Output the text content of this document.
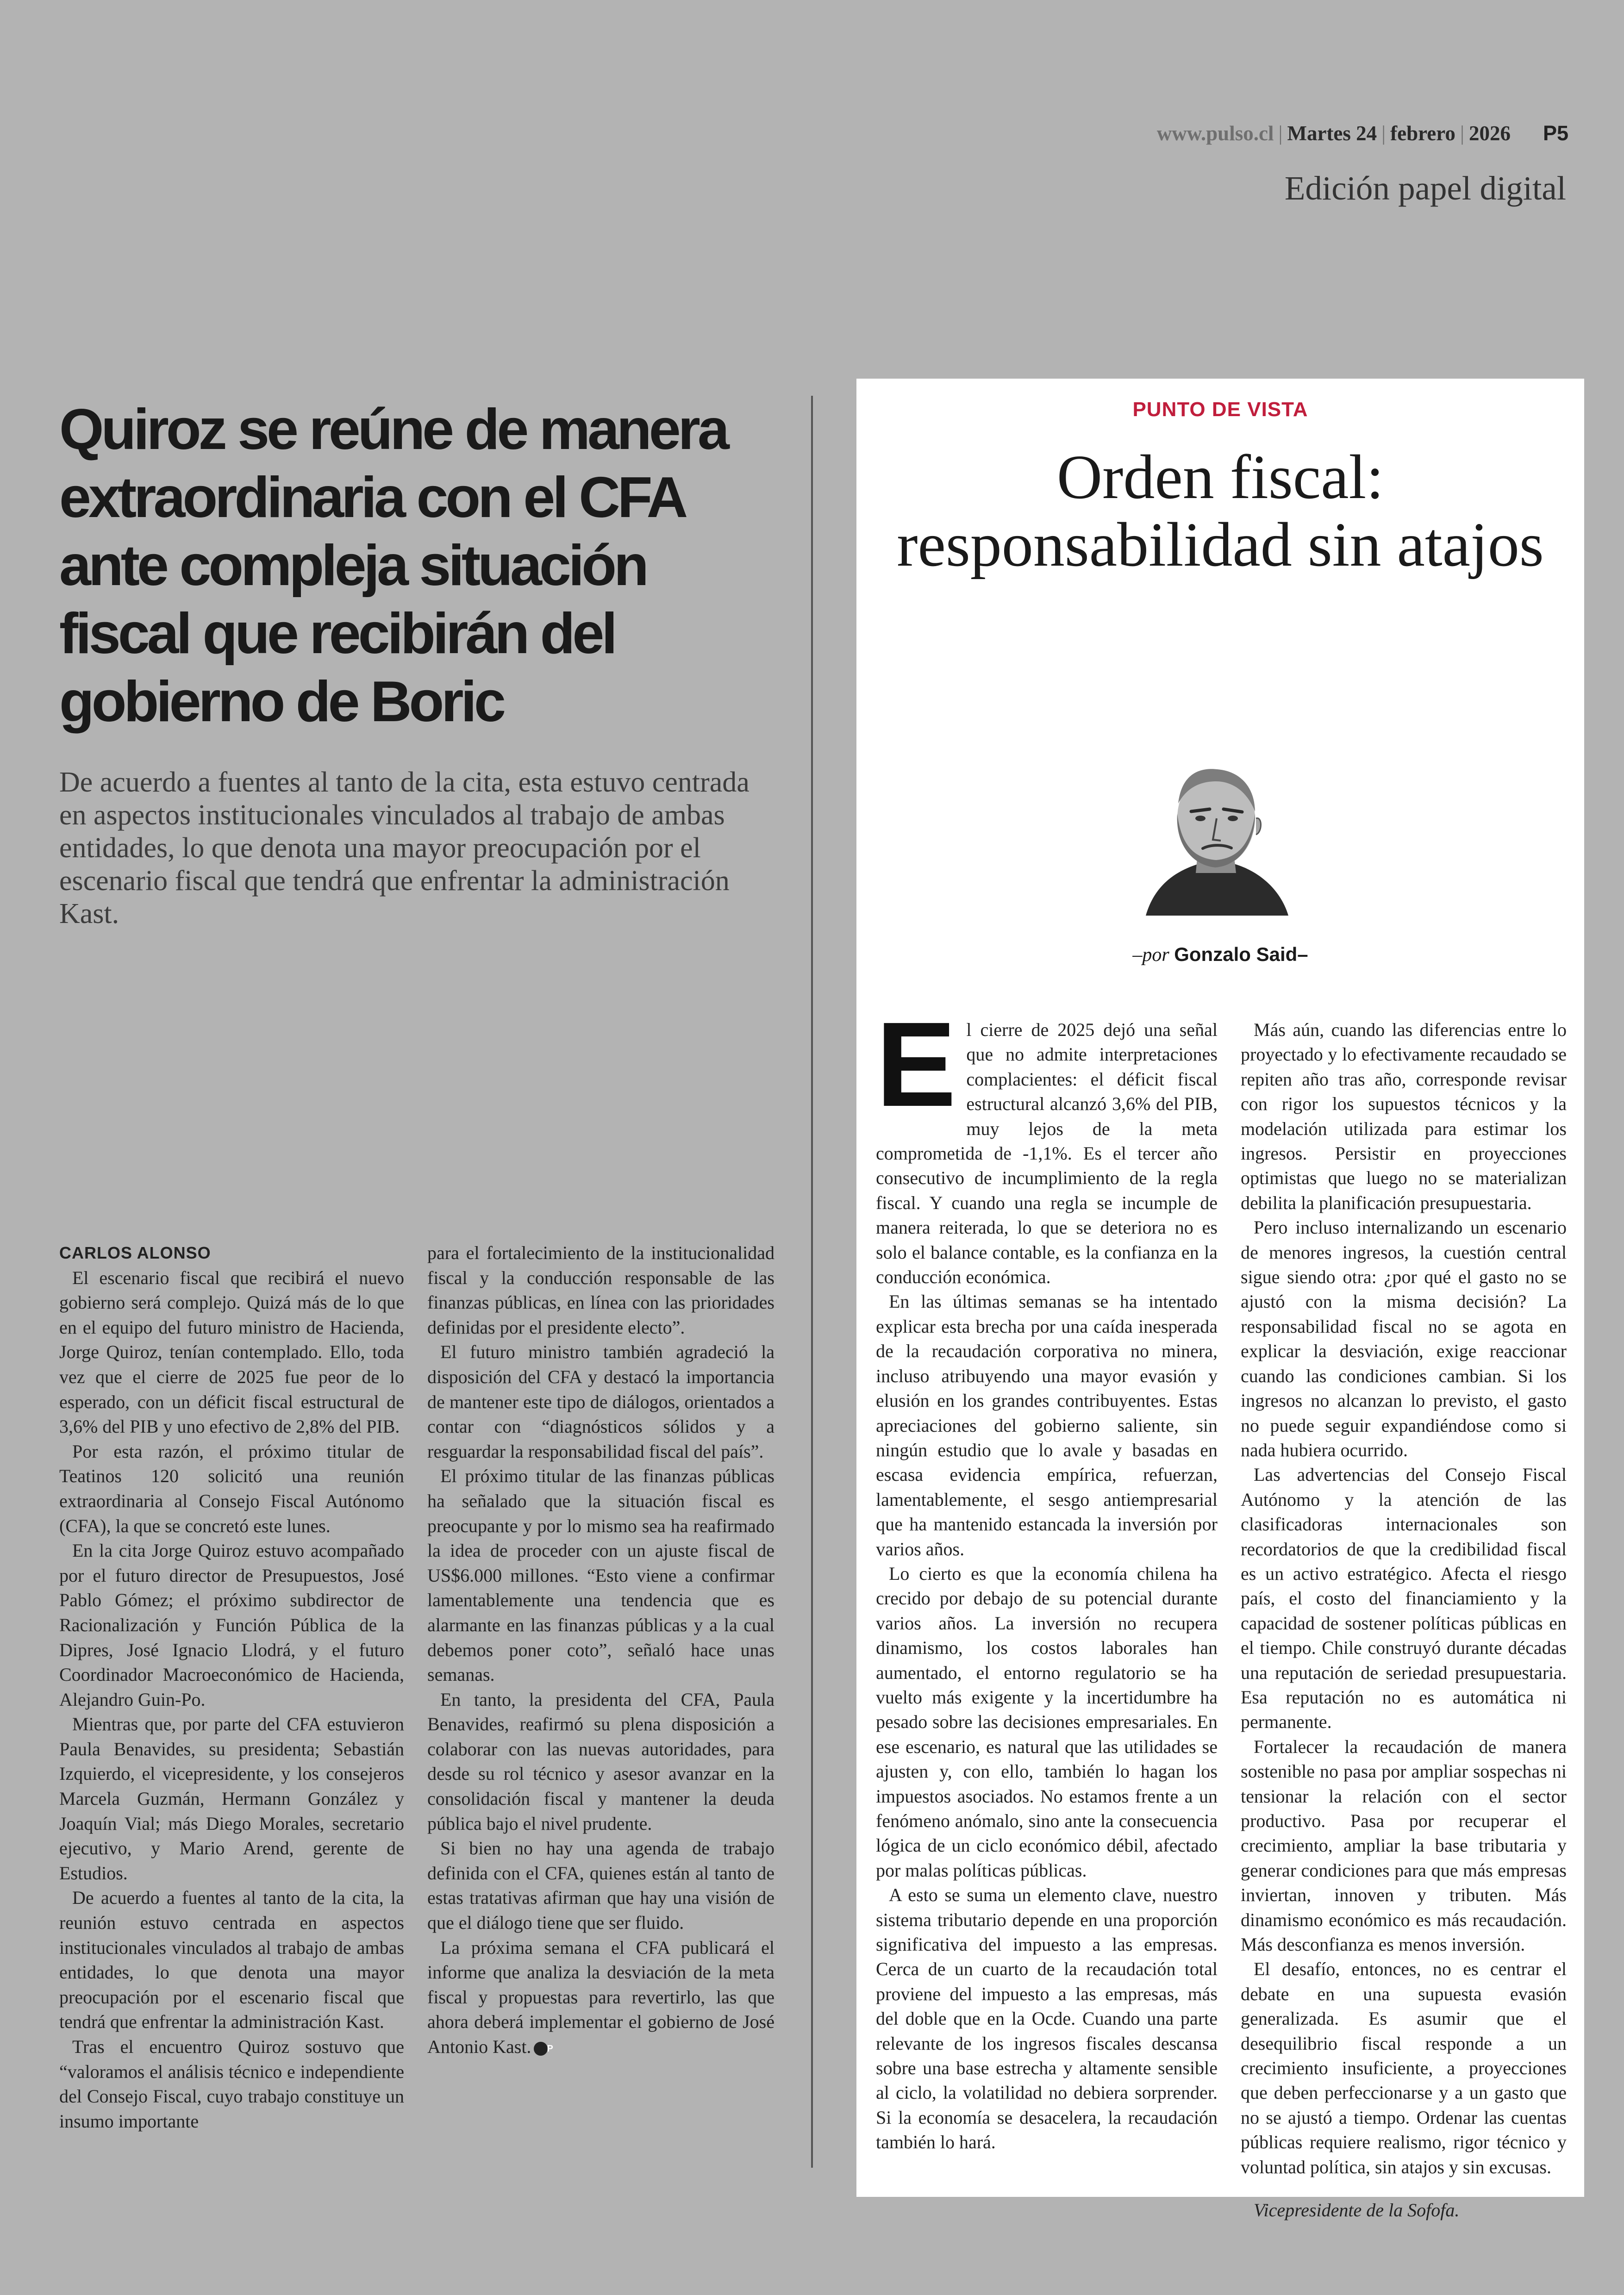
www.pulso.cl | Martes 24 | febrero | 2026 P5
Edición papel digital
Quiroz se reúne de manera extraordinaria con el CFA ante compleja situación fiscal que recibirán del gobierno de Boric

De acuerdo a fuentes al tanto de la cita, esta estuvo centrada en aspectos institucionales vinculados al trabajo de ambas entidades, lo que denota una mayor preocupación por el escenario fiscal que tendrá que enfrentar la administración Kast.

CARLOS ALONSO

El escenario fiscal que recibirá el nuevo gobierno será complejo. Quizá más de lo que en el equipo del futuro ministro de Hacienda, Jorge Quiroz, tenían contemplado. Ello, toda vez que el cierre de 2025 fue peor de lo esperado, con un déficit fiscal estructural de 3,6% del PIB y uno efectivo de 2,8% del PIB.

Por esta razón, el próximo titular de Teatinos 120 solicitó una reunión extraordinaria al Consejo Fiscal Autónomo (CFA), la que se concretó este lunes.

En la cita Jorge Quiroz estuvo acompañado por el futuro director de Presupuestos, José Pablo Gómez; el próximo subdirector de Racionalización y Función Pública de la Dipres, José Ignacio Llodrá, y el futuro Coordinador Macroeconómico de Hacienda, Alejandro Guin-Po.

Mientras que, por parte del CFA estuvieron Paula Benavides, su presidenta; Sebastián Izquierdo, el vicepresidente, y los consejeros Marcela Guzmán, Hermann González y Joaquín Vial; más Diego Morales, secretario ejecutivo, y Mario Arend, gerente de Estudios.

De acuerdo a fuentes al tanto de la cita, la reunión estuvo centrada en aspectos institucionales vinculados al trabajo de ambas entidades, lo que denota una mayor preocupación por el escenario fiscal que tendrá que enfrentar la administración Kast.

Tras el encuentro Quiroz sostuvo que “valoramos el análisis técnico e independiente del Consejo Fiscal, cuyo trabajo constituye un insumo importante

para el fortalecimiento de la institucionalidad fiscal y la conducción responsable de las finanzas públicas, en línea con las prioridades definidas por el presidente electo”.

El futuro ministro también agradeció la disposición del CFA y destacó la importancia de mantener este tipo de diálogos, orientados a contar con “diagnósticos sólidos y a resguardar la responsabilidad fiscal del país”.

El próximo titular de las finanzas públicas ha señalado que la situación fiscal es preocupante y por lo mismo sea ha reafirmado la idea de proceder con un ajuste fiscal de US$6.000 millones. “Esto viene a confirmar lamentablemente una tendencia que es alarmante en las finanzas públicas y a la cual debemos poner coto”, señaló hace unas semanas.

En tanto, la presidenta del CFA, Paula Benavides, reafirmó su plena disposición a colaborar con las nuevas autoridades, para desde su rol técnico y asesor avanzar en la consolidación fiscal y mantener la deuda pública bajo el nivel prudente.

Si bien no hay una agenda de trabajo definida con el CFA, quienes están al tanto de estas tratativas afirman que hay una visión de que el diálogo tiene que ser fluido.

La próxima semana el CFA publicará el informe que analiza la desviación de la meta fiscal y propuestas para revertirlo, las que ahora deberá implementar el gobierno de José Antonio Kast. P

PUNTO DE VISTA
Orden fiscal: responsabilidad sin atajos
–por Gonzalo Said–

El cierre de 2025 dejó una señal que no admite interpretaciones complacientes: el déficit fiscal estructural alcanzó 3,6% del PIB, muy lejos de la meta comprometida de -1,1%. Es el tercer año consecutivo de incumplimiento de la regla fiscal. Y cuando una regla se incumple de manera reiterada, lo que se deteriora no es solo el balance contable, es la confianza en la conducción económica.

En las últimas semanas se ha intentado explicar esta brecha por una caída inesperada de la recaudación corporativa no minera, incluso atribuyendo una mayor evasión y elusión en los grandes contribuyentes. Estas apreciaciones del gobierno saliente, sin ningún estudio que lo avale y basadas en escasa evidencia empírica, refuerzan, lamentablemente, el sesgo antiempresarial que ha mantenido estancada la inversión por varios años.

Lo cierto es que la economía chilena ha crecido por debajo de su potencial durante varios años. La inversión no recupera dinamismo, los costos laborales han aumentado, el entorno regulatorio se ha vuelto más exigente y la incertidumbre ha pesado sobre las decisiones empresariales. En ese escenario, es natural que las utilidades se ajusten y, con ello, también lo hagan los impuestos asociados. No estamos frente a un fenómeno anómalo, sino ante la consecuencia lógica de un ciclo económico débil, afectado por malas políticas públicas.

A esto se suma un elemento clave, nuestro sistema tributario depende en una proporción significativa del impuesto a las empresas. Cerca de un cuarto de la recaudación total proviene del impuesto a las empresas, más del doble que en la Ocde. Cuando una parte relevante de los ingresos fiscales descansa sobre una base estrecha y altamente sensible al ciclo, la volatilidad no debiera sorprender. Si la economía se desacelera, la recaudación también lo hará.

Más aún, cuando las diferencias entre lo proyectado y lo efectivamente recaudado se repiten año tras año, corresponde revisar con rigor los supuestos técnicos y la modelación utilizada para estimar los ingresos. Persistir en proyecciones optimistas que luego no se materializan debilita la planificación presupuestaria.

Pero incluso internalizando un escenario de menores ingresos, la cuestión central sigue siendo otra: ¿por qué el gasto no se ajustó con la misma decisión? La responsabilidad fiscal no se agota en explicar la desviación, exige reaccionar cuando las condiciones cambian. Si los ingresos no alcanzan lo previsto, el gasto no puede seguir expandiéndose como si nada hubiera ocurrido.

Las advertencias del Consejo Fiscal Autónomo y la atención de las clasificadoras internacionales son recordatorios de que la credibilidad fiscal es un activo estratégico. Afecta el riesgo país, el costo del financiamiento y la capacidad de sostener políticas públicas en el tiempo. Chile construyó durante décadas una reputación de seriedad presupuestaria. Esa reputación no es automática ni permanente.

Fortalecer la recaudación de manera sostenible no pasa por ampliar sospechas ni tensionar la relación con el sector productivo. Pasa por recuperar el crecimiento, ampliar la base tributaria y generar condiciones para que más empresas inviertan, innoven y tributen. Más dinamismo económico es más recaudación. Más desconfianza es menos inversión.

El desafío, entonces, no es centrar el debate en una supuesta evasión generalizada. Es asumir que el desequilibrio fiscal responde a un crecimiento insuficiente, a proyecciones que deben perfeccionarse y a un gasto que no se ajustó a tiempo. Ordenar las cuentas públicas requiere realismo, rigor técnico y voluntad política, sin atajos y sin excusas.

Vicepresidente de la Sofofa.
